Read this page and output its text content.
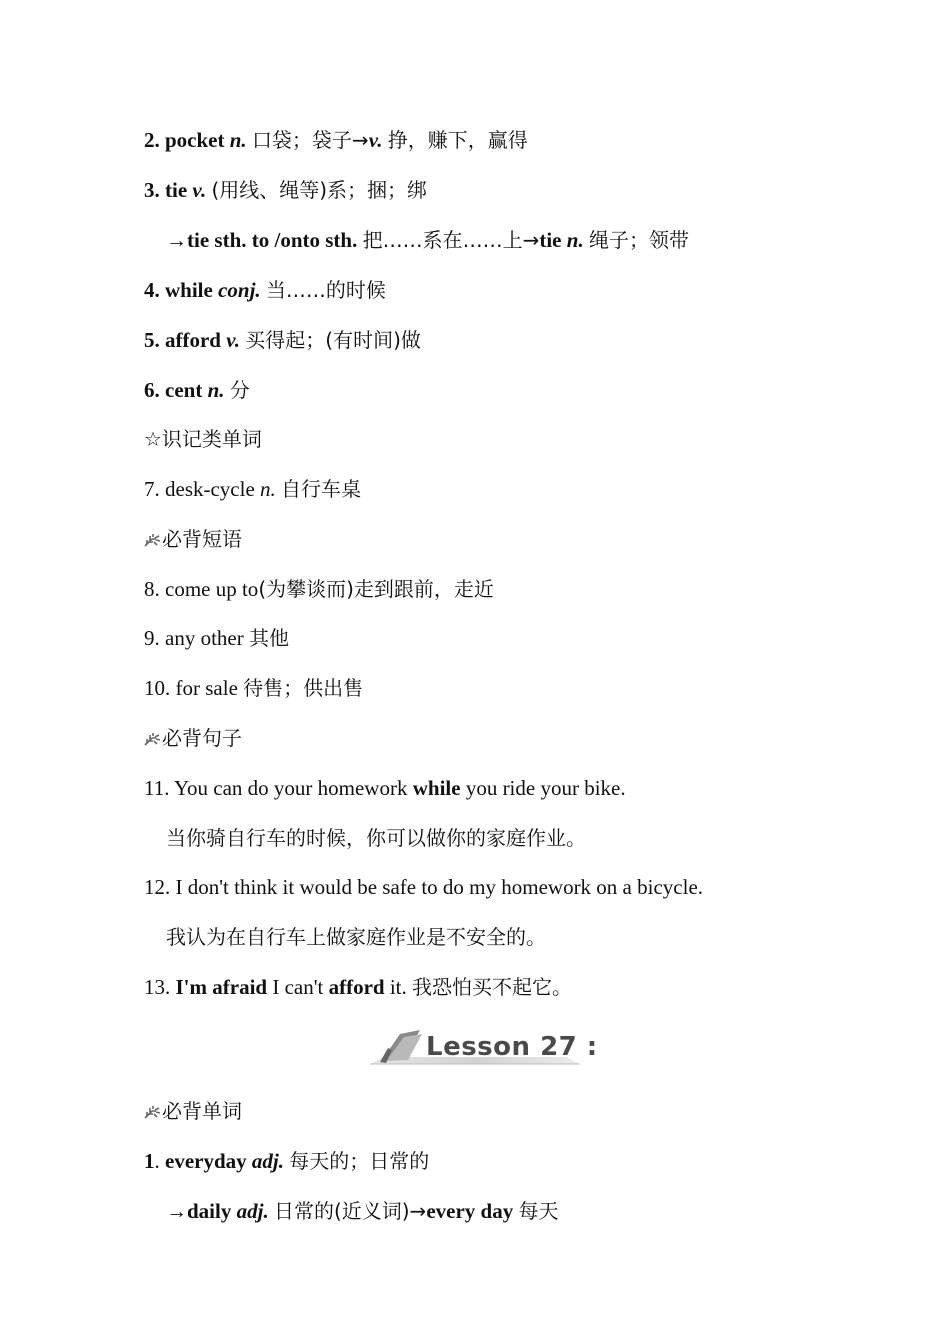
2. pocket n. 口袋；袋子→v. 挣，赚下，赢得
3. tie v. (用线、绳等)系；捆；绑
→tie sth. to /onto sth. 把……系在……上→tie n. 绳子；领带
4. while conj. 当……的时候
5. afford v. 买得起；(有时间)做
6. cent n. 分
☆识记类单词
7. desk-cycle n. 自行车桌
必背短语
8. come up to(为攀谈而)走到跟前，走近
9. any other 其他
10. for sale 待售；供出售
必背句子
11. You can do your homework while you ride your bike.
当你骑自行车的时候，你可以做你的家庭作业。
12. I don't think it would be safe to do my homework on a bicycle.
我认为在自行车上做家庭作业是不安全的。
13. I'm afraid I can't afford it. 我恐怕买不起它。
Lesson 27 :
必背单词
1. everyday adj. 每天的；日常的
→daily adj. 日常的(近义词)→every day 每天
